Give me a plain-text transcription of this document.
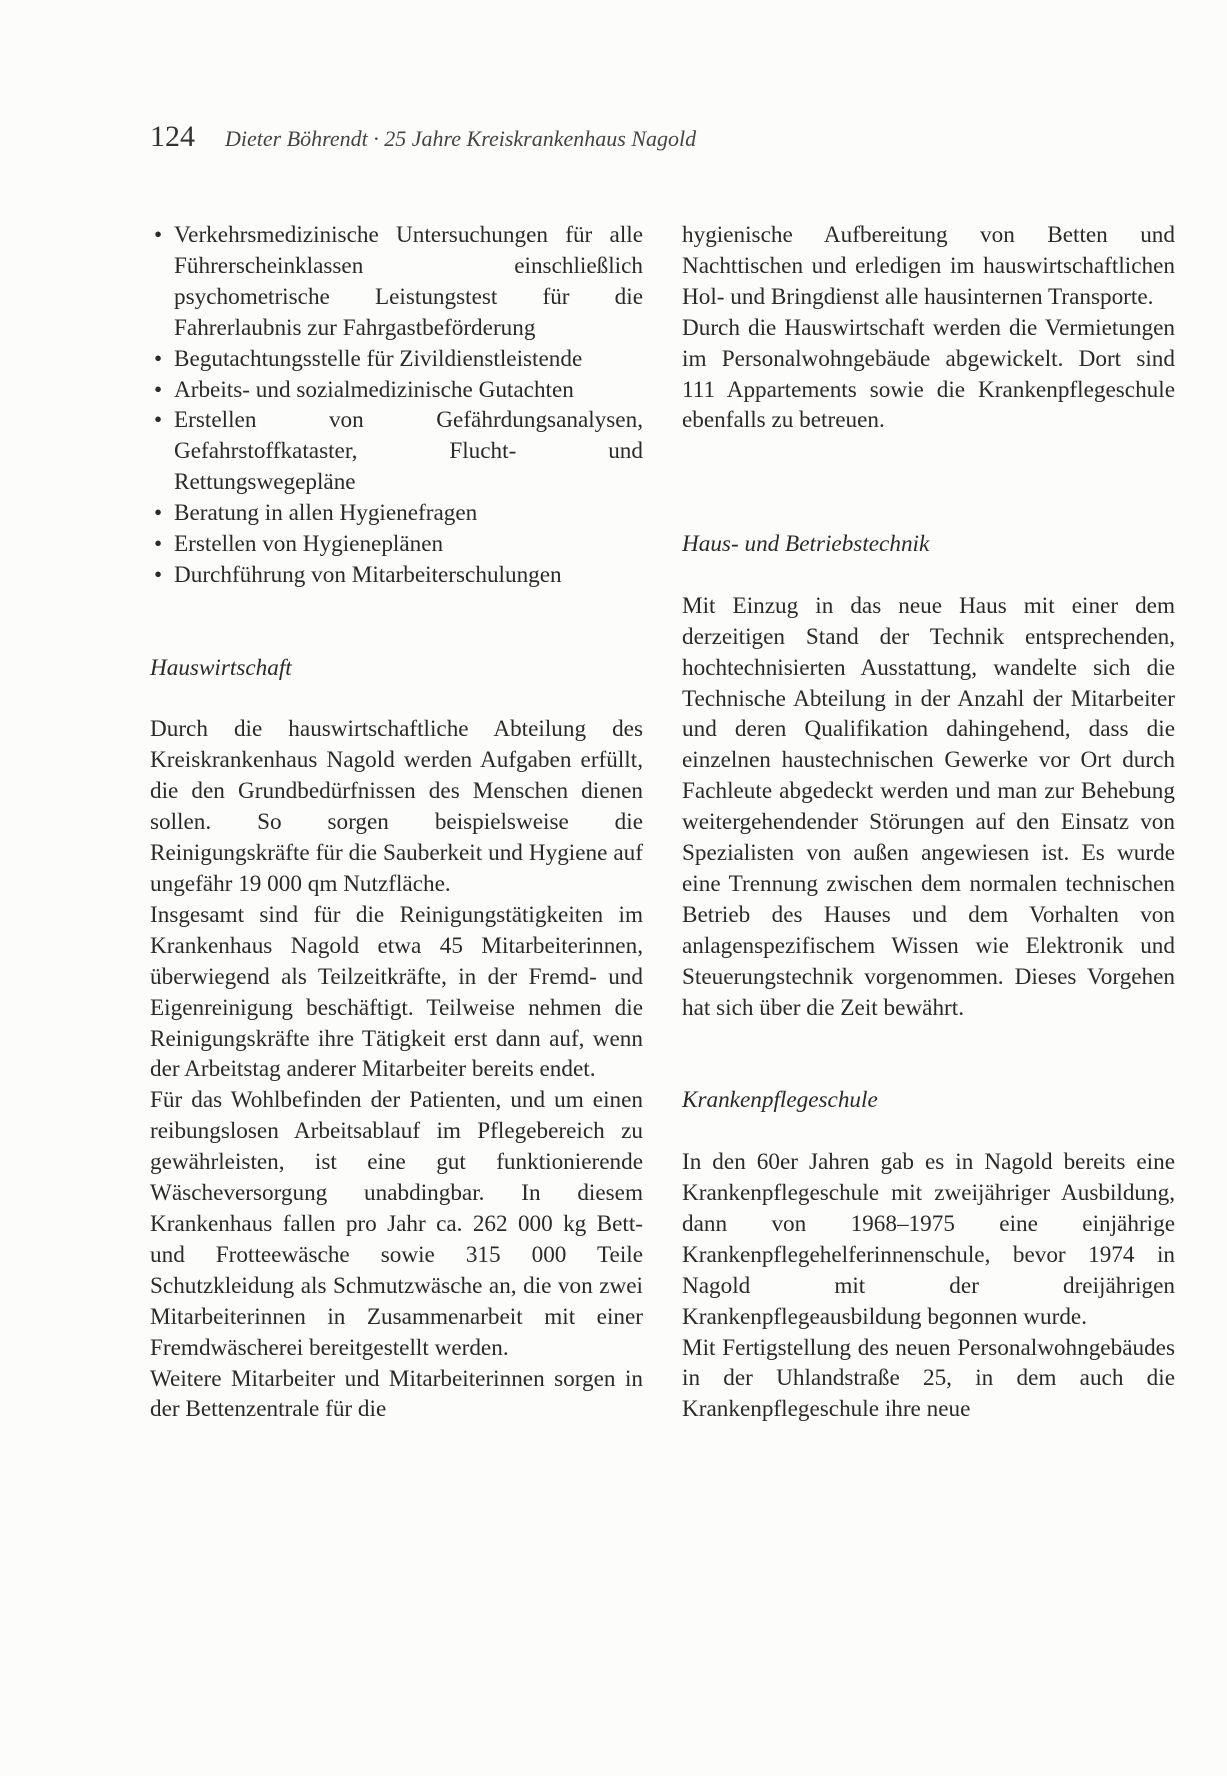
124 Dieter Böhrendt · 25 Jahre Kreiskrankenhaus Nagold
• Verkehrsmedizinische Untersuchungen für alle Führerscheinklassen einschließlich psychometrische Leistungstest für die Fahrerlaubnis zur Fahrgastbeförderung
• Begutachtungsstelle für Zivildienstleistende
• Arbeits- und sozialmedizinische Gutachten
• Erstellen von Gefährdungsanalysen, Gefahrstoffkataster, Flucht- und Rettungswegepläne
• Beratung in allen Hygienefragen
• Erstellen von Hygieneplänen
• Durchführung von Mitarbeiterschulungen
Hauswirtschaft

Durch die hauswirtschaftliche Abteilung des Kreiskrankenhaus Nagold werden Aufgaben erfüllt, die den Grundbedürfnissen des Menschen dienen sollen. So sorgen beispielsweise die Reinigungskräfte für die Sauberkeit und Hygiene auf ungefähr 19 000 qm Nutzfläche.

Insgesamt sind für die Reinigungstätigkeiten im Krankenhaus Nagold etwa 45 Mitarbeiterinnen, überwiegend als Teilzeitkräfte, in der Fremd- und Eigenreinigung beschäftigt. Teilweise nehmen die Reinigungskräfte ihre Tätigkeit erst dann auf, wenn der Arbeitstag anderer Mitarbeiter bereits endet.

Für das Wohlbefinden der Patienten, und um einen reibungslosen Arbeitsablauf im Pflegebereich zu gewährleisten, ist eine gut funktionierende Wäscheversorgung unabdingbar. In diesem Krankenhaus fallen pro Jahr ca. 262 000 kg Bett- und Frotteewäsche sowie 315 000 Teile Schutzkleidung als Schmutzwäsche an, die von zwei Mitarbeiterinnen in Zusammenarbeit mit einer Fremdwäscherei bereitgestellt werden.

Weitere Mitarbeiter und Mitarbeiterinnen sorgen in der Bettenzentrale für die

hygienische Aufbereitung von Betten und Nachttischen und erledigen im hauswirtschaftlichen Hol- und Bringdienst alle hausinternen Transporte.

Durch die Hauswirtschaft werden die Vermietungen im Personalwohngebäude abgewickelt. Dort sind 111 Appartements sowie die Krankenpflegeschule ebenfalls zu betreuen.

Haus- und Betriebstechnik

Mit Einzug in das neue Haus mit einer dem derzeitigen Stand der Technik entsprechenden, hochtechnisierten Ausstattung, wandelte sich die Technische Abteilung in der Anzahl der Mitarbeiter und deren Qualifikation dahingehend, dass die einzelnen haustechnischen Gewerke vor Ort durch Fachleute abgedeckt werden und man zur Behebung weitergehendender Störungen auf den Einsatz von Spezialisten von außen angewiesen ist. Es wurde eine Trennung zwischen dem normalen technischen Betrieb des Hauses und dem Vorhalten von anlagenspezifischem Wissen wie Elektronik und Steuerungstechnik vorgenommen. Dieses Vorgehen hat sich über die Zeit bewährt.

Krankenpflegeschule

In den 60er Jahren gab es in Nagold bereits eine Krankenpflegeschule mit zweijähriger Ausbildung, dann von 1968–1975 eine einjährige Krankenpflegehelferinnenschule, bevor 1974 in Nagold mit der dreijährigen Krankenpflegeausbildung begonnen wurde.

Mit Fertigstellung des neuen Personalwohngebäudes in der Uhlandstraße 25, in dem auch die Krankenpflegeschule ihre neue
